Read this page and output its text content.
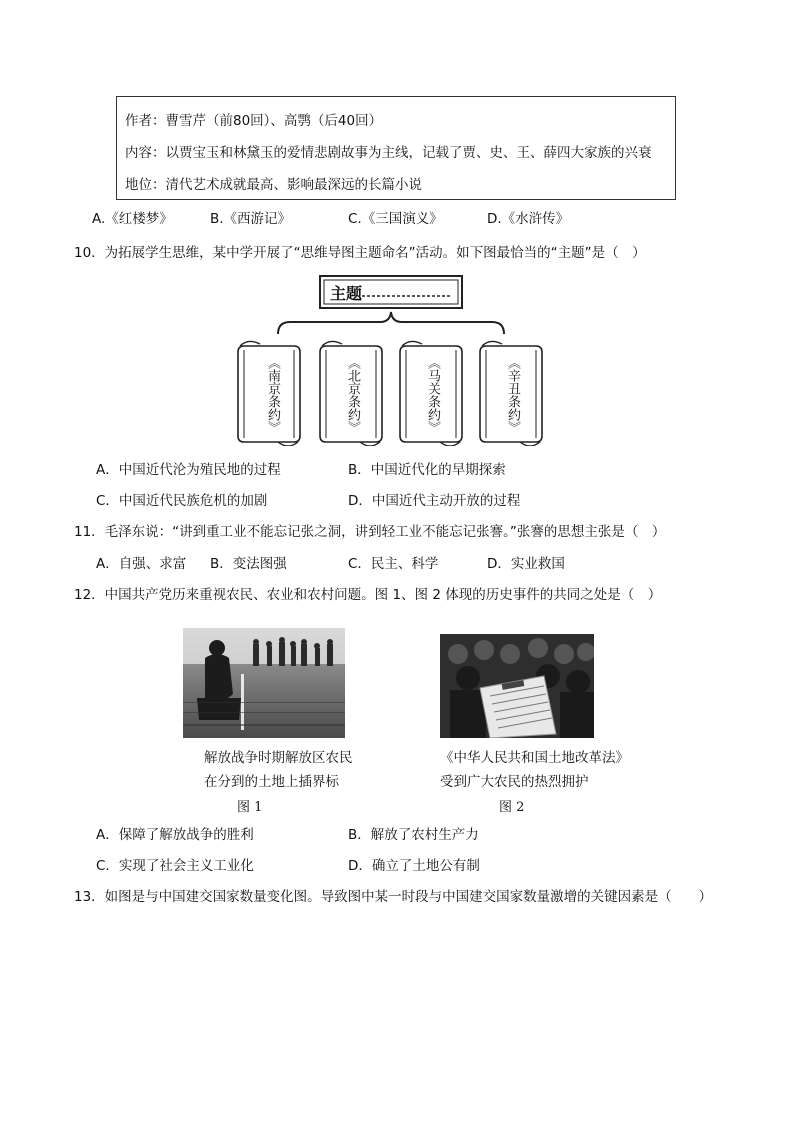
作者：曹雪芹（前80回）、高鹗（后40回）
内容：以贾宝玉和林黛玉的爱情悲剧故事为主线，记载了贾、史、王、薛四大家族的兴衰
地位：清代艺术成就最高、影响最深远的长篇小说
A.《红楼梦》	B.《西游记》	C.《三国演义》	D.《水浒传》
10．为拓展学生思维，某中学开展了“思维导图主题命名”活动。如下图最恰当的“主题”是（　）
主题
《南京条约》	《北京条约》	《马关条约》	《辛丑条约》
A．中国近代沦为殖民地的过程	B．中国近代化的早期探索
C．中国近代民族危机的加剧	D．中国近代主动开放的过程
11．毛泽东说：“讲到重工业不能忘记张之洞，讲到轻工业不能忘记张謇。”张謇的思想主张是（　）
A．自强、求富 B．变法图强	C．民主、科学	D．实业救国
12．中国共产党历来重视农民、农业和农村问题。图 1、图 2 体现的历史事件的共同之处是（　）
解放战争时期解放区农民
在分到的土地上插界标
图 1
《中华人民共和国土地改革法》
受到广大农民的热烈拥护
图 2
A．保障了解放战争的胜利	B．解放了农村生产力
C．实现了社会主义工业化	D．确立了土地公有制
13．如图是与中国建交国家数量变化图。导致图中某一时段与中国建交国家数量激增的关键因素是（　　）
